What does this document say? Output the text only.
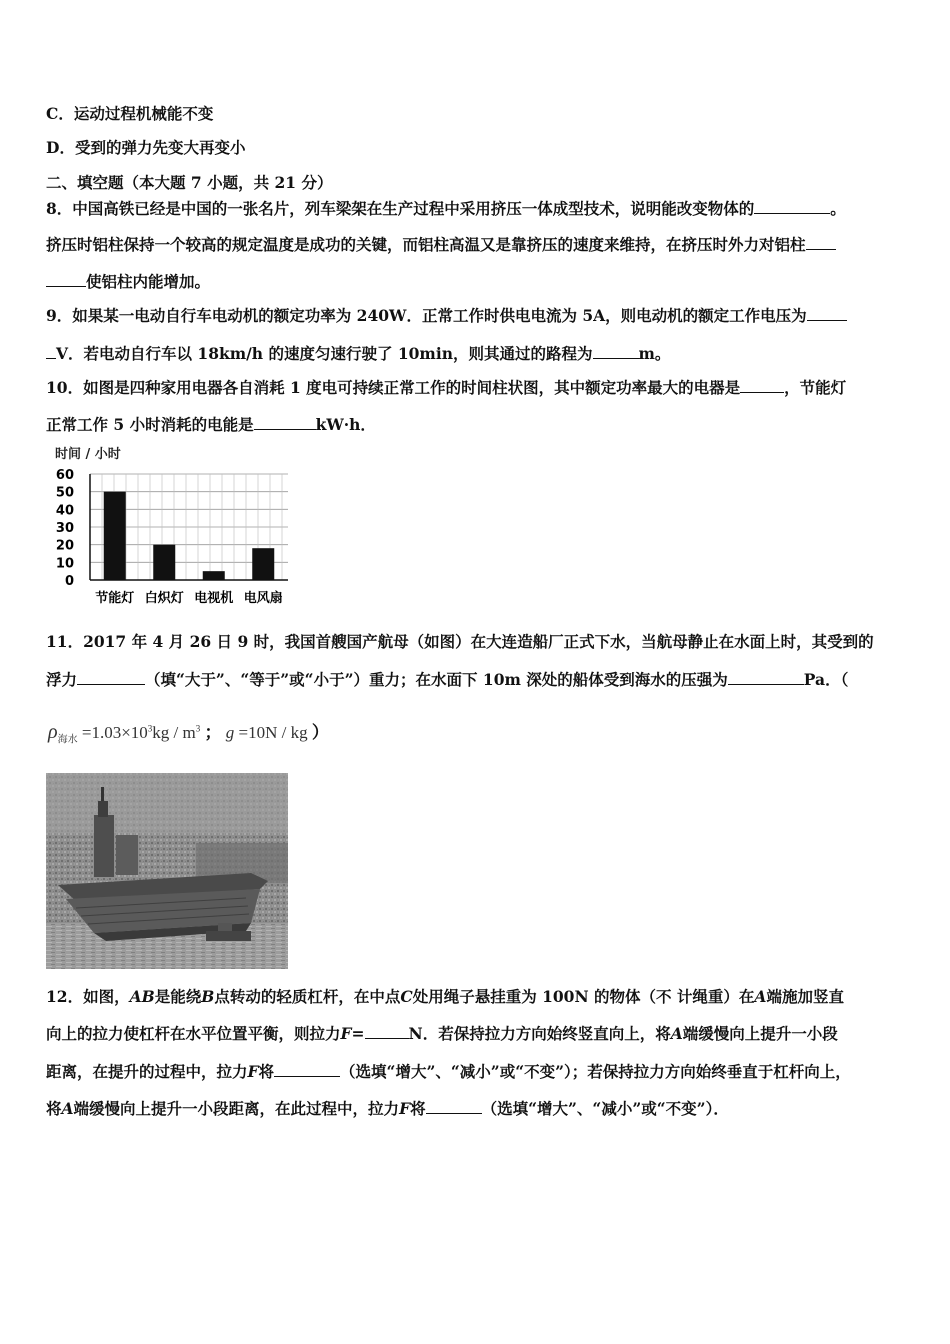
C．运动过程机械能不变
D．受到的弹力先变大再变小
二、填空题（本大题 7 小题，共 21 分）
8．中国高铁已经是中国的一张名片，列车梁架在生产过程中采用挤压一体成型技术，说明能改变物体的	。
挤压时铝柱保持一个较高的规定温度是成功的关键，而铝柱高温又是靠挤压的速度来维持，在挤压时外力对铝柱
使铝柱内能增加。
9．如果某一电动自行车电动机的额定功率为 240W．正常工作时供电电流为 5A，则电动机的额定工作电压为
V．若电动自行车以 18km/h 的速度匀速行驶了 10min，则其通过的路程为	m。
10．如图是四种家用电器各自消耗 1 度电可持续正常工作的时间柱状图，其中额定功率最大的电器是	，节能灯
正常工作 5 小时消耗的电能是	kW·h．
时间 / 小时
60
50
40
30
20
10
0
节能灯 白炽灯 电视机 电风扇
11．2017 年 4 月 26 日 9 时，我国首艘国产航母（如图）在大连造船厂正式下水，当航母静止在水面上时，其受到的
浮力	（填“大于”、“等于”或“小于”）重力；在水面下 10m 深处的船体受到海水的压强为	Pa．（
$\rho_{海水} =1.03\times 10^3kg / m^3$ ； g =10N / kg ）
12．如图，AB是能绕B点转动的轻质杠杆，在中点C处用绳子悬挂重为 100N 的物体（不 计绳重）在A端施加竖直
向上的拉力使杠杆在水平位置平衡，则拉力F=	N．若保持拉力方向始终竖直向上，将A端缓慢向上提升一小段
距离，在提升的过程中，拉力F将	（选填“增大”、“减小”或“不变”）；若保持拉力方向始终垂直于杠杆向上，
将A端缓慢向上提升一小段距离，在此过程中，拉力F将	（选填“增大”、“减小”或“不变”）．
